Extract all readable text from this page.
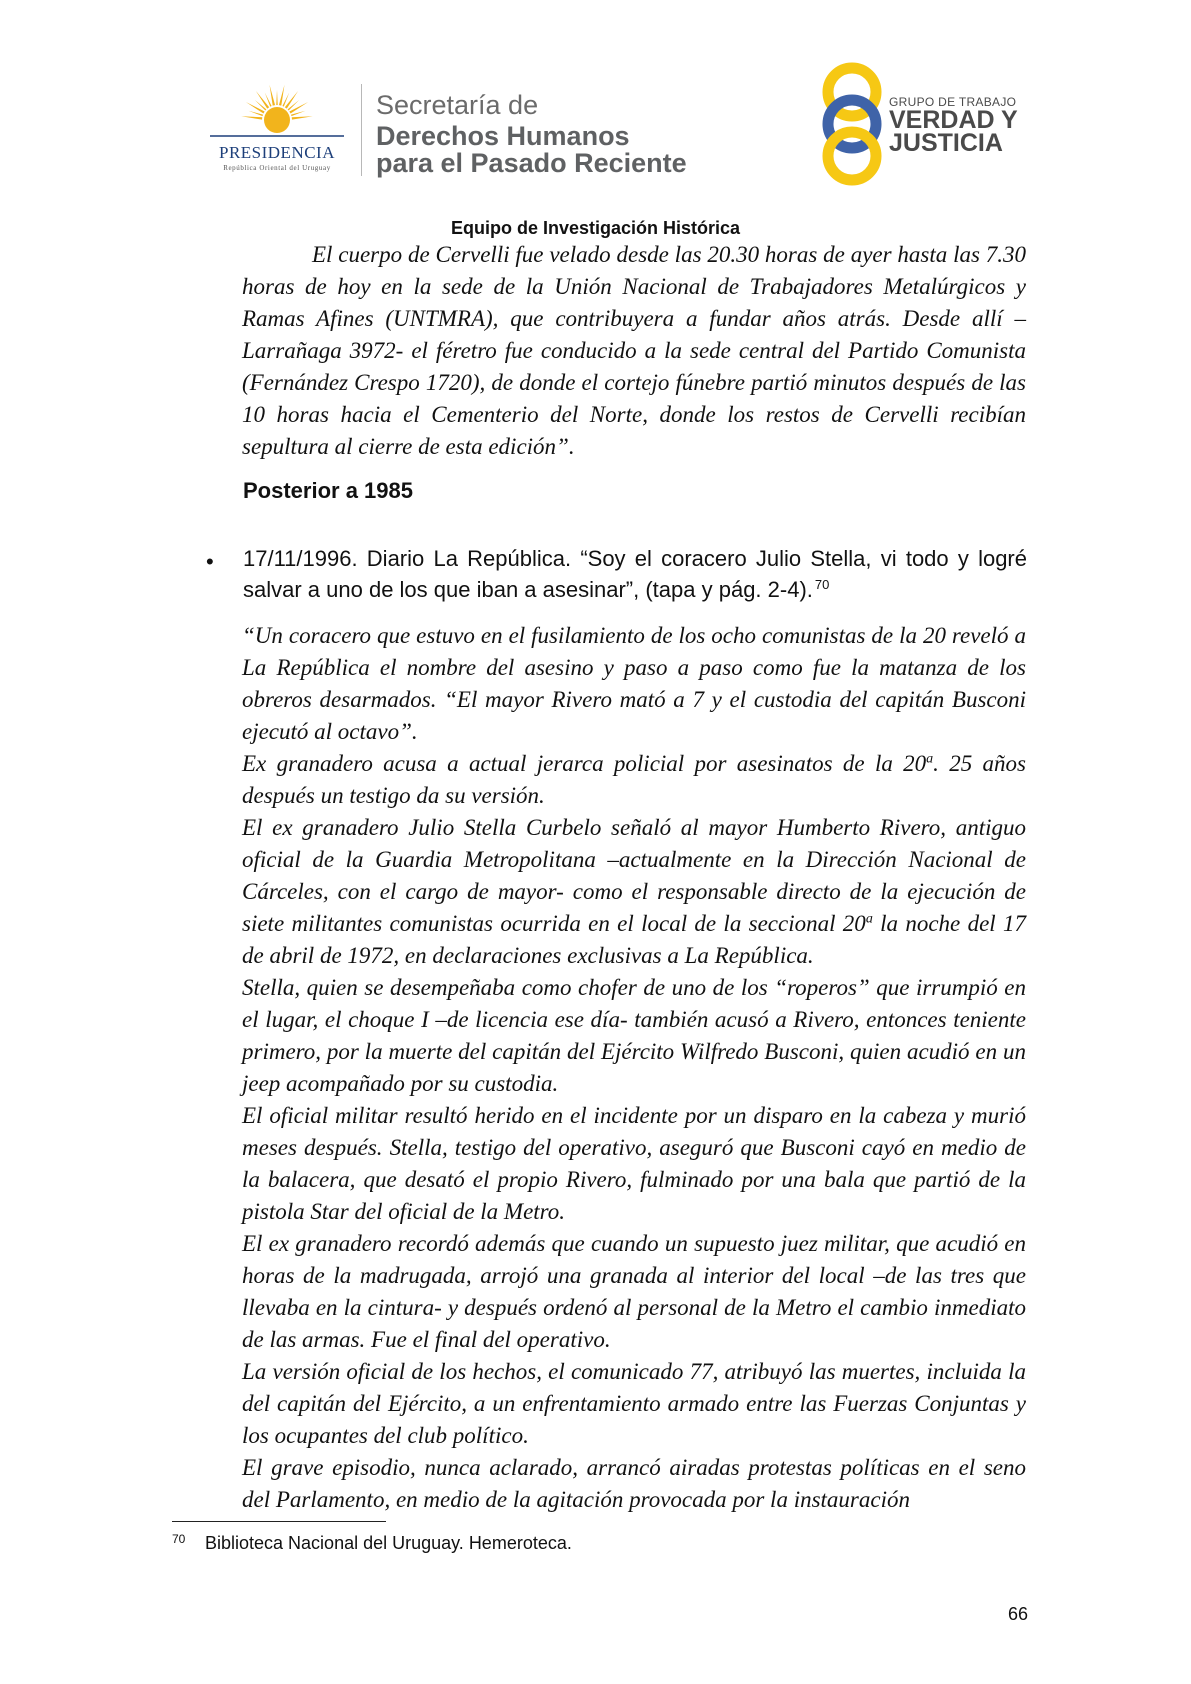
PRESIDENCIA
República Oriental del Uruguay
Secretaría de
Derechos Humanos
para el Pasado Reciente
GRUPO DE TRABAJO
VERDAD Y
JUSTICIA
Equipo de Investigación Histórica
El cuerpo de Cervelli fue velado desde las 20.30 horas de ayer hasta las 7.30 horas de hoy en la sede de la Unión Nacional de Trabajadores Metalúrgicos y Ramas Afines (UNTMRA), que contribuyera a fundar años atrás. Desde allí –Larrañaga 3972- el féretro fue conducido a la sede central del Partido Comunista (Fernández Crespo 1720), de donde el cortejo fúnebre partió minutos después de las 10 horas hacia el Cementerio del Norte, donde los restos de Cervelli recibían sepultura al cierre de esta edición”.
Posterior a 1985
• 17/11/1996. Diario La República. “Soy el coracero Julio Stella, vi todo y logré salvar a uno de los que iban a asesinar”, (tapa y pág. 2-4). $^{70}$

“Un coracero que estuvo en el fusilamiento de los ocho comunistas de la 20 reveló a La República el nombre del asesino y paso a paso como fue la matanza de los obreros desarmados. “El mayor Rivero mató a 7 y el custodia del capitán Busconi ejecutó al octavo”.

Ex granadero acusa a actual jerarca policial por asesinatos de la 20$^a$. 25 años después un testigo da su versión.

El ex granadero Julio Stella Curbelo señaló al mayor Humberto Rivero, antiguo oficial de la Guardia Metropolitana –actualmente en la Dirección Nacional de Cárceles, con el cargo de mayor- como el responsable directo de la ejecución de siete militantes comunistas ocurrida en el local de la seccional 20$^a$ la noche del 17 de abril de 1972, en declaraciones exclusivas a La República.

Stella, quien se desempeñaba como chofer de uno de los “roperos” que irrumpió en el lugar, el choque I –de licencia ese día- también acusó a Rivero, entonces teniente primero, por la muerte del capitán del Ejército Wilfredo Busconi, quien acudió en un jeep acompañado por su custodia.

El oficial militar resultó herido en el incidente por un disparo en la cabeza y murió meses después. Stella, testigo del operativo, aseguró que Busconi cayó en medio de la balacera, que desató el propio Rivero, fulminado por una bala que partió de la pistola Star del oficial de la Metro.

El ex granadero recordó además que cuando un supuesto juez militar, que acudió en horas de la madrugada, arrojó una granada al interior del local –de las tres que llevaba en la cintura- y después ordenó al personal de la Metro el cambio inmediato de las armas. Fue el final del operativo.

La versión oficial de los hechos, el comunicado 77, atribuyó las muertes, incluida la del capitán del Ejército, a un enfrentamiento armado entre las Fuerzas Conjuntas y los ocupantes del club político.

El grave episodio, nunca aclarado, arrancó airadas protestas políticas en el seno del Parlamento, en medio de la agitación provocada por la instauración

70 Biblioteca Nacional del Uruguay. Hemeroteca.
66
